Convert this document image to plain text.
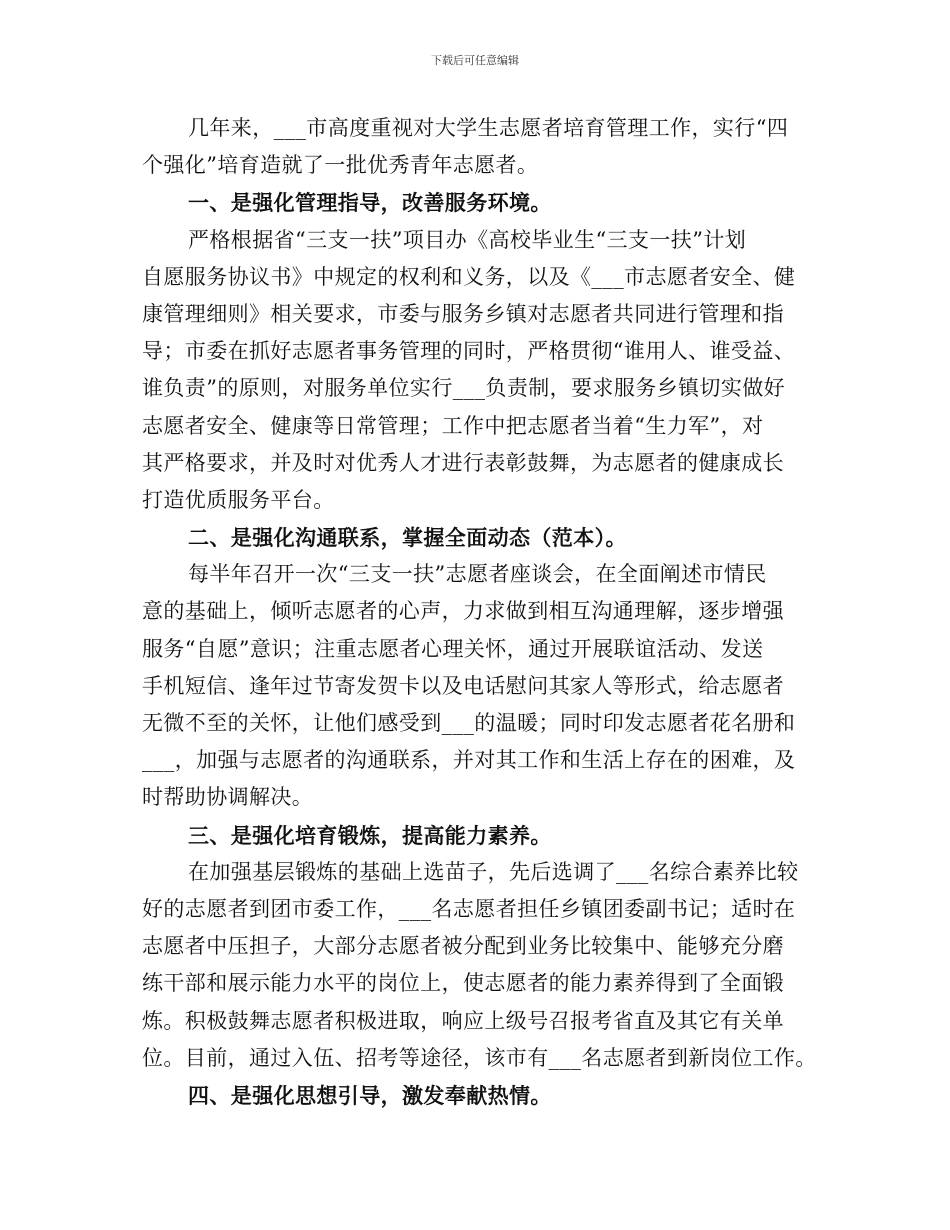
下载后可任意编辑
几年来，___市高度重视对大学生志愿者培育管理工作，实行“四
个强化”培育造就了一批优秀青年志愿者。
一、是强化管理指导，改善服务环境。
严格根据省“三支一扶”项目办《高校毕业生“三支一扶”计划
自愿服务协议书》中规定的权利和义务，以及《___市志愿者安全、健
康管理细则》相关要求，市委与服务乡镇对志愿者共同进行管理和指
导；市委在抓好志愿者事务管理的同时，严格贯彻“谁用人、谁受益、
谁负责”的原则，对服务单位实行___负责制，要求服务乡镇切实做好
志愿者安全、健康等日常管理；工作中把志愿者当着“生力军”，对
其严格要求，并及时对优秀人才进行表彰鼓舞，为志愿者的健康成长
打造优质服务平台。
二、是强化沟通联系，掌握全面动态（范本）。
每半年召开一次“三支一扶”志愿者座谈会，在全面阐述市情民
意的基础上，倾听志愿者的心声，力求做到相互沟通理解，逐步增强
服务“自愿”意识；注重志愿者心理关怀，通过开展联谊活动、发送
手机短信、逢年过节寄发贺卡以及电话慰问其家人等形式，给志愿者
无微不至的关怀，让他们感受到___的温暖；同时印发志愿者花名册和
___，加强与志愿者的沟通联系，并对其工作和生活上存在的困难，及
时帮助协调解决。
三、是强化培育锻炼，提高能力素养。
在加强基层锻炼的基础上选苗子，先后选调了___名综合素养比较
好的志愿者到团市委工作，___名志愿者担任乡镇团委副书记；适时在
志愿者中压担子，大部分志愿者被分配到业务比较集中、能够充分磨
练干部和展示能力水平的岗位上，使志愿者的能力素养得到了全面锻
炼。积极鼓舞志愿者积极进取，响应上级号召报考省直及其它有关单
位。目前，通过入伍、招考等途径，该市有___名志愿者到新岗位工作。
四、是强化思想引导，激发奉献热情。
